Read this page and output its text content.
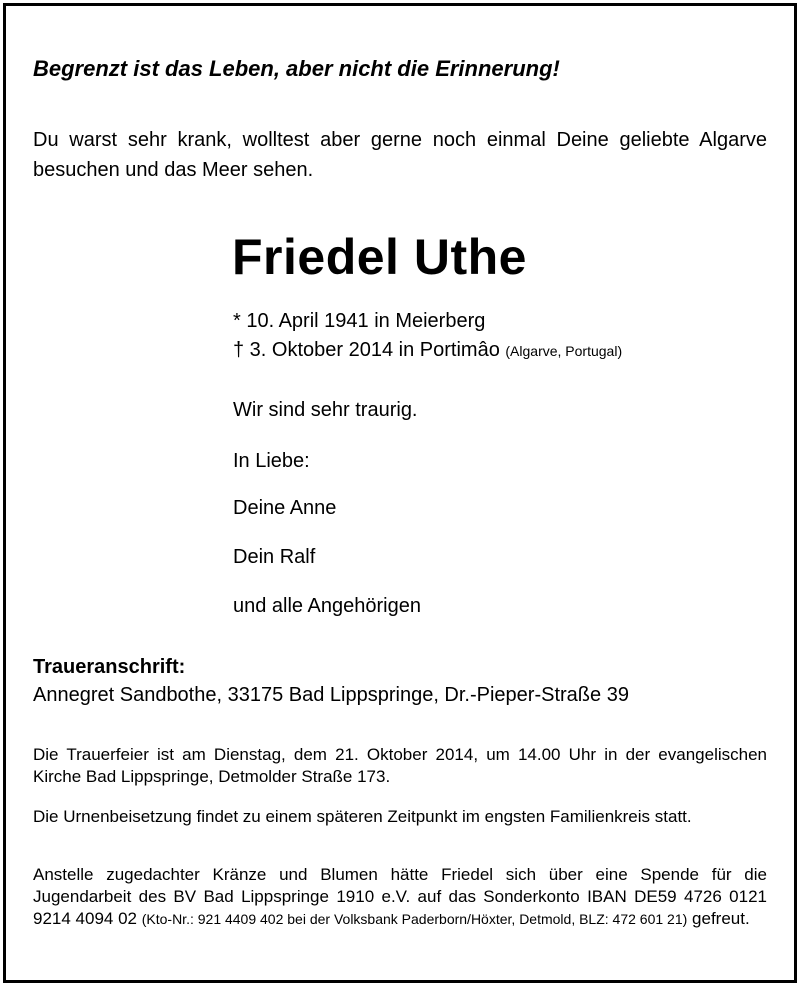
Begrenzt ist das Leben, aber nicht die Erinnerung!

Du warst sehr krank, wolltest aber gerne noch einmal Deine geliebte Algarve besuchen und das Meer sehen.

Friedel Uthe
* 10. April 1941 in Meierberg
† 3. Oktober 2014 in Portimâo (Algarve, Portugal)

Wir sind sehr traurig.

In Liebe:

Deine Anne

Dein Ralf

und alle Angehörigen

Traueranschrift:

Annegret Sandbothe, 33175 Bad Lippspringe, Dr.-Pieper-Straße 39

Die Trauerfeier ist am Dienstag, dem 21. Oktober 2014, um 14.00 Uhr in der evangelischen Kirche Bad Lippspringe, Detmolder Straße 173.

Die Urnenbeisetzung findet zu einem späteren Zeitpunkt im engsten Familienkreis statt.

Anstelle zugedachter Kränze und Blumen hätte Friedel sich über eine Spende für die Jugendarbeit des BV Bad Lippspringe 1910 e.V. auf das Sonderkonto IBAN DE59 4726 0121 9214 4094 02 (Kto-Nr.: 921 4409 402 bei der Volksbank Paderborn/Höxter, Detmold, BLZ: 472 601 21) gefreut.
